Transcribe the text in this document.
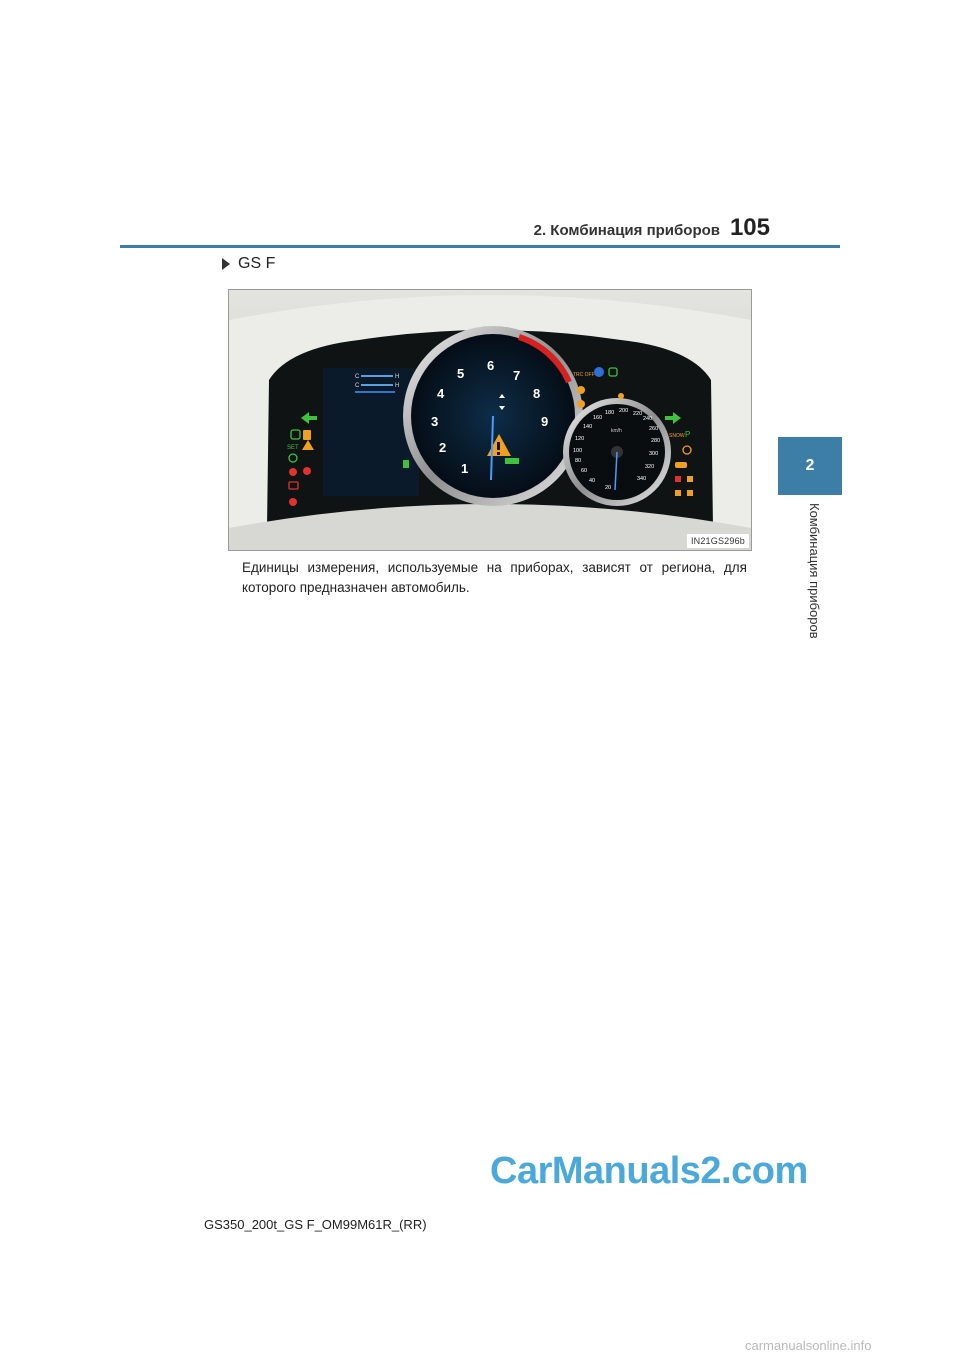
2. Комбинация приборов 105
2
Комбинация приборов
GS F
SET
C	H
C	H
1
2
3
4
5
6
7
8
9
20
40
60
80
100
120
140
160
180 200 220
240
260
280
300
320
340
km/h
TRC OFF
SNOW P
IN21GS296b

Единицы измерения, используемые на приборах, зависят от региона, для которого предназначен автомобиль.

CarManuals2.com
GS350_200t_GS F_OM99M61R_(RR)
carmanualsonline.info
